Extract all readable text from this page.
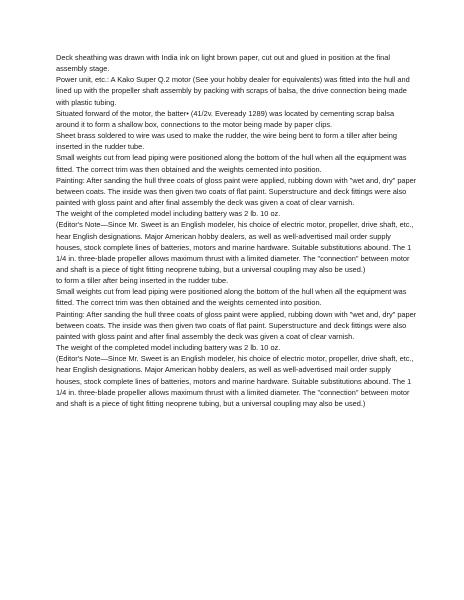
Deck sheathing was drawn with India ink on light brown paper, cut out and glued in position at the final assembly stage.

Power unit, etc.: A Kako Super Q.2 motor (See your hobby dealer for equivalents) was fitted into the hull and lined up with the propeller shaft assembly by packing with scraps of balsa, the drive connection being made with plastic tubing.

Situated forward of the motor, the batter• (41/2v. Eveready 1289) was located by cementing scrap balsa around it to form a shallow box, connections to the motor being made by paper clips.

Sheet brass soldered to wire was used to make the rudder, the wire being bent to form a tiller after being inserted in the rudder tube.

Small weights cut from lead piping were positioned along the bottom of the hull when all the equipment was fitted. The correct trim was then obtained and the weights cemented into position.

Painting: After sanding the hull three coats of gloss paint were applied, rubbing down with "wet and, dry" paper between coats. The inside was then given two coats of flat paint. Superstructure and deck fittings were also painted with gloss paint and after final assembly the deck was given a coat of clear varnish.

The weight of the completed model including battery was 2 lb. 10 oz.

(Editor's Note—Since Mr. Sweet is an English modeler, his choice of electric motor, propeller, drive shaft, etc., hear English designations. Major American hobby dealers, as well as well-advertised mail order supply houses, stock complete lines of batteries, motors and marine hardware. Suitable substitutions abound. The 1 1/4 in. three-blade propeller allows maximum thrust with a limited diameter. The "connection" between motor and shaft is a piece of tight fitting neoprene tubing, but a universal coupling may also be used.)

to form a tiller after being inserted in the rudder tube.

Small weights cut from lead piping were positioned along the bottom of the hull when all the equipment was fitted. The correct trim was then obtained and the weights cemented into position.

Painting: After sanding the hull three coats of gloss paint were applied, rubbing down with "wet and, dry" paper between coats. The inside was then given two coats of flat paint. Superstructure and deck fittings were also painted with gloss paint and after final assembly the deck was given a coat of clear varnish.

The weight of the completed model including battery was 2 lb. 10 oz.

(Editor's Note—Since Mr. Sweet is an English modeler, his choice of electric motor, propeller, drive shaft, etc., hear English designations. Major American hobby dealers, as well as well-advertised mail order supply houses, stock complete lines of batteries, motors and marine hardware. Suitable substitutions abound. The 1 1/4 in. three-blade propeller allows maximum thrust with a limited diameter. The "connection" between motor and shaft is a piece of tight fitting neoprene tubing, but a universal coupling may also be used.)
